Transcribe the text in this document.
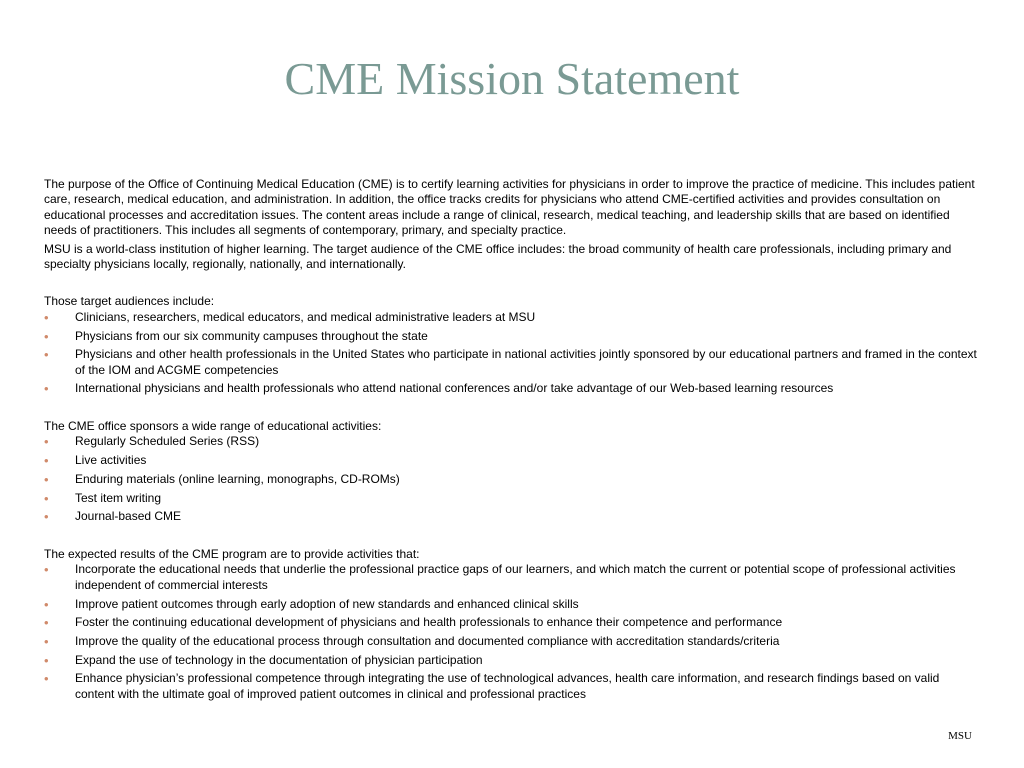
CME Mission Statement

The purpose of the Office of Continuing Medical Education (CME) is to certify learning activities for physicians in order to improve the practice of medicine. This includes patient care, research, medical education, and administration. In addition, the office tracks credits for physicians who attend CME-certified activities and provides consultation on educational processes and accreditation issues. The content areas include a range of clinical, research, medical teaching, and leadership skills that are based on identified needs of practitioners. This includes all segments of contemporary, primary, and specialty practice.

MSU is a world-class institution of higher learning. The target audience of the CME office includes: the broad community of health care professionals, including primary and specialty physicians locally, regionally, nationally, and internationally.

Those target audiences include:

• Clinicians, researchers, medical educators, and medical administrative leaders at MSU
• Physicians from our six community campuses throughout the state
• Physicians and other health professionals in the United States who participate in national activities jointly sponsored by our educational partners and framed in the context of the IOM and ACGME competencies
• International physicians and health professionals who attend national conferences and/or take advantage of our Web-based learning resources

The CME office sponsors a wide range of educational activities:

• Regularly Scheduled Series (RSS)
• Live activities
• Enduring materials (online learning, monographs, CD-ROMs)
• Test item writing
• Journal-based CME

The expected results of the CME program are to provide activities that:

• Incorporate the educational needs that underlie the professional practice gaps of our learners, and which match the current or potential scope of professional activities independent of commercial interests
• Improve patient outcomes through early adoption of new standards and enhanced clinical skills
• Foster the continuing educational development of physicians and health professionals to enhance their competence and performance
• Improve the quality of the educational process through consultation and documented compliance with accreditation standards/criteria
• Expand the use of technology in the documentation of physician participation
• Enhance physician’s professional competence through integrating the use of technological advances, health care information, and research findings based on valid content with the ultimate goal of improved patient outcomes in clinical and professional practices
MSU
